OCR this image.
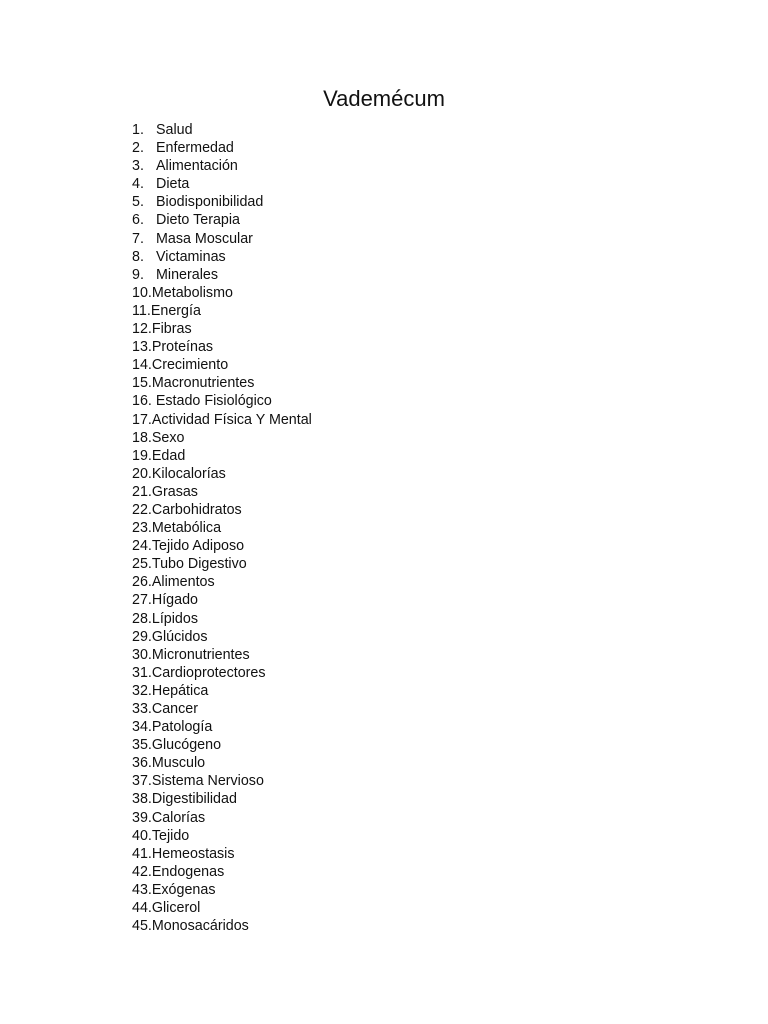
Vademécum
1. Salud
2. Enfermedad
3. Alimentación
4. Dieta
5. Biodisponibilidad
6. Dieto Terapia
7. Masa Moscular
8. Victaminas
9. Minerales
10.Metabolismo
11.Energía
12.Fibras
13.Proteínas
14.Crecimiento
15.Macronutrientes
16. Estado Fisiológico
17.Actividad Física Y Mental
18.Sexo
19.Edad
20.Kilocalorías
21.Grasas
22.Carbohidratos
23.Metabólica
24.Tejido Adiposo
25.Tubo Digestivo
26.Alimentos
27.Hígado
28.Lípidos
29.Glúcidos
30.Micronutrientes
31.Cardioprotectores
32.Hepática
33.Cancer
34.Patología
35.Glucógeno
36.Musculo
37.Sistema Nervioso
38.Digestibilidad
39.Calorías
40.Tejido
41.Hemeostasis
42.Endogenas
43.Exógenas
44.Glicerol
45.Monosacáridos
